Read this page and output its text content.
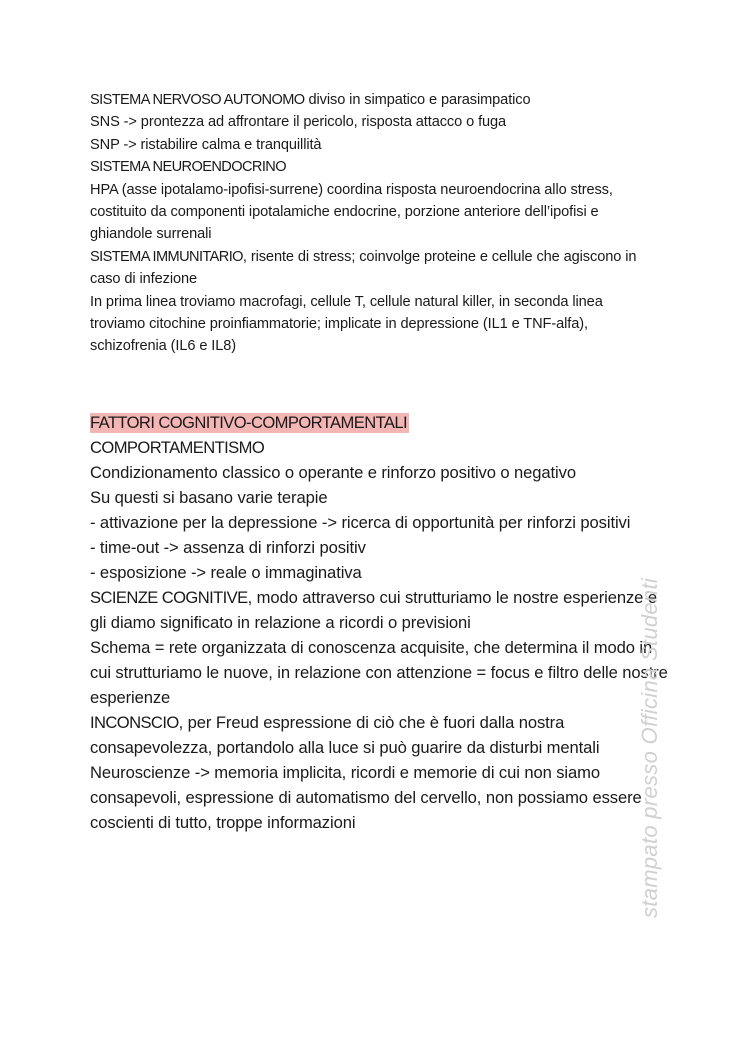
SISTEMA NERVOSO AUTONOMO diviso in simpatico e parasimpatico

SNS -> prontezza ad affrontare il pericolo, risposta attacco o fuga

SNP -> ristabilire calma e tranquillità

SISTEMA NEUROENDOCRINO

HPA (asse ipotalamo-ipofisi-surrene) coordina risposta neuroendocrina allo stress, costituito da componenti ipotalamiche endocrine, porzione anteriore dell’ipofisi e ghiandole surrenali

SISTEMA IMMUNITARIO, risente di stress; coinvolge proteine e cellule che agiscono in caso di infezione

In prima linea troviamo macrofagi, cellule T, cellule natural killer, in seconda linea troviamo citochine proinfiammatorie; implicate in depressione (IL1 e TNF-alfa), schizofrenia (IL6 e IL8)

FATTORI COGNITIVO-COMPORTAMENTALI

COMPORTAMENTISMO

Condizionamento classico o operante e rinforzo positivo o negativo

Su questi si basano varie terapie

- attivazione per la depressione -> ricerca di opportunità per rinforzi positivi

- time-out -> assenza di rinforzi positiv

- esposizione -> reale o immaginativa

SCIENZE COGNITIVE, modo attraverso cui strutturiamo le nostre esperienze e gli diamo significato in relazione a ricordi o previsioni

Schema = rete organizzata di conoscenza acquisite, che determina il modo in cui strutturiamo le nuove, in relazione con attenzione = focus e filtro delle nostre esperienze

INCONSCIO, per Freud espressione di ciò che è fuori dalla nostra consapevolezza, portandolo alla luce si può guarire da disturbi mentali

Neuroscienze -> memoria implicita, ricordi e memorie di cui non siamo consapevoli, espressione di automatismo del cervello, non possiamo essere coscienti di tutto, troppe informazioni	stampato presso Officina Studenti
